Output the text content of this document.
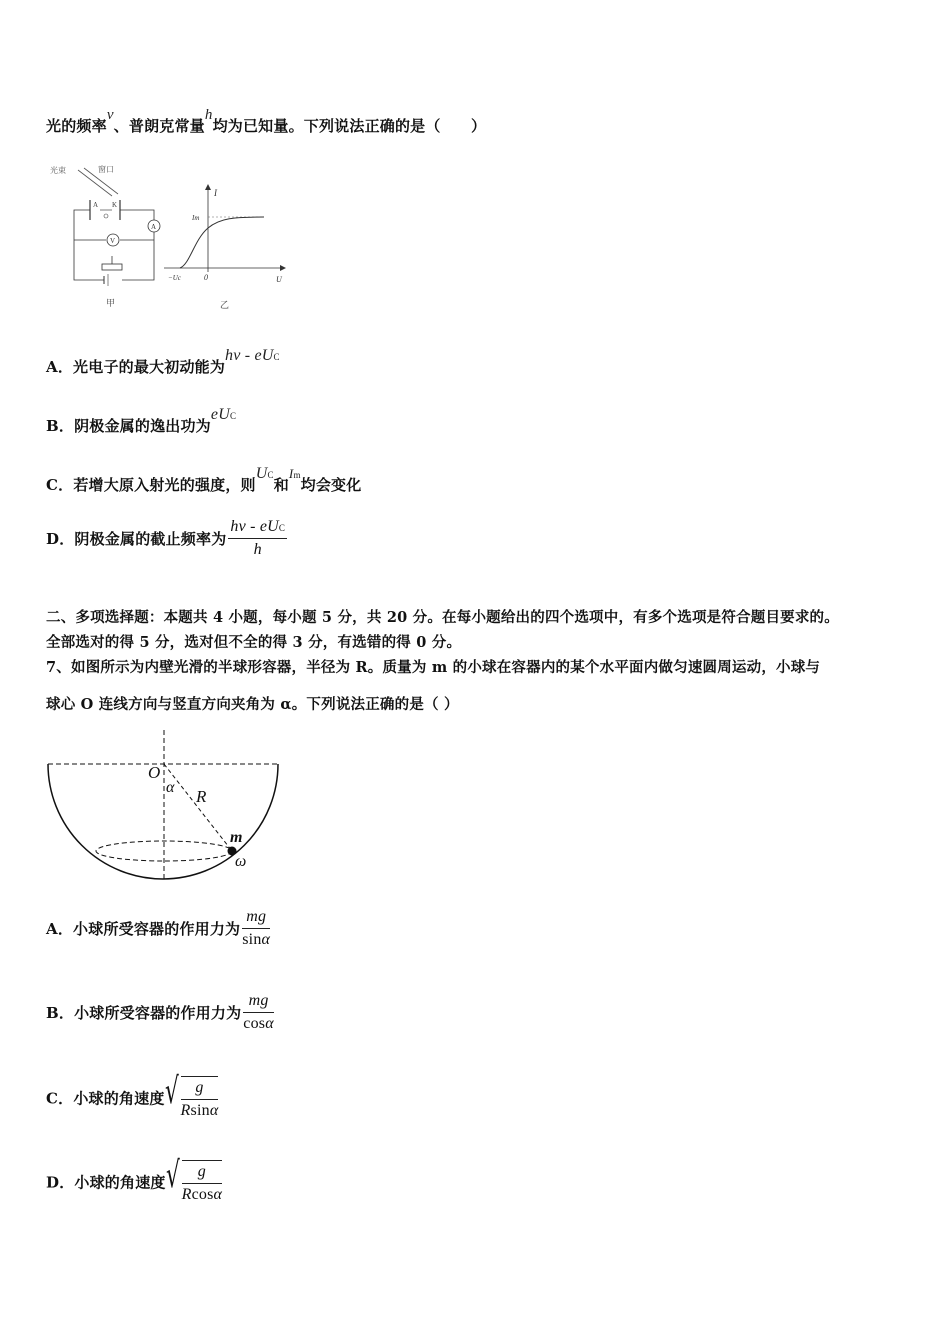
光的频率v、普朗克常量h均为已知量。下列说法正确的是（　　）
光束	窗口
A K
V
A
甲
I
Im
−Uc	0	U
乙
A．光电子的最大初动能为hv - eUC
B．阴极金属的逸出功为eUC
C．若增大原入射光的强度，则UC和Im均会变化
D．阴极金属的截止频率为 $\frac{\text{hv - eUC}}{h}$
二、多项选择题：本题共 4 小题，每小题 5 分，共 20 分。在每小题给出的四个选项中，有多个选项是符合题目要求的。
全部选对的得 5 分，选对但不全的得 3 分，有选错的得 0 分。
7、如图所示为内壁光滑的半球形容器，半径为 R。质量为 m 的小球在容器内的某个水平面内做匀速圆周运动，小球与
球心 O 连线方向与竖直方向夹角为 α。下列说法正确的是（ ）
O
α R
m
ω
A．小球所受容器的作用力为 $\frac{mg}{\sin\alpha}$
B．小球所受容器的作用力为 $\frac{mg}{\cos\alpha}$
C．小球的角速度 √ $\frac{g}{Rsin\alpha}$
D．小球的角速度 √ $\frac{g}{Rcos\alpha}$
